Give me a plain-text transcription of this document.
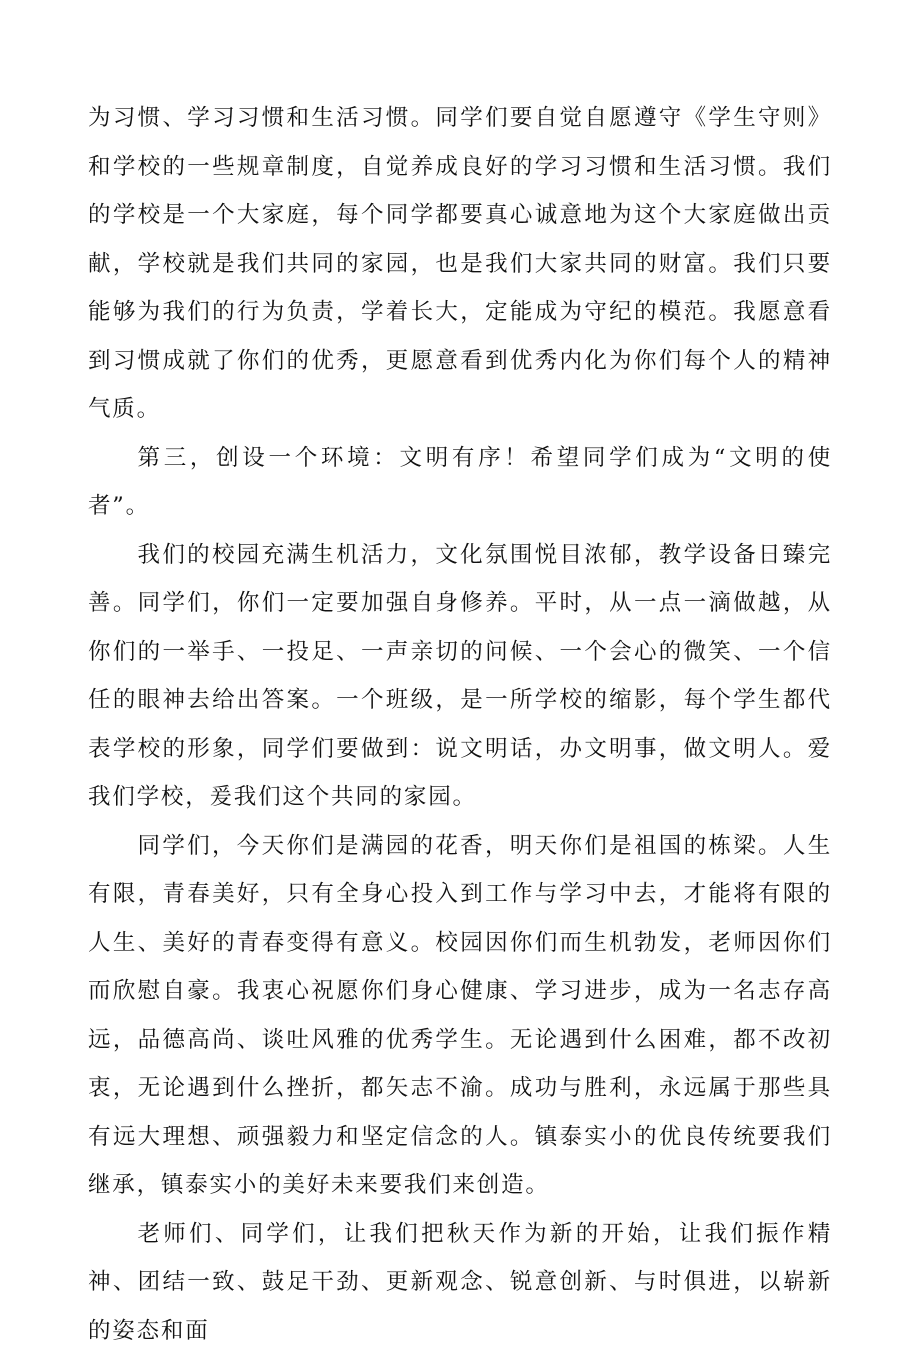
为习惯、学习习惯和生活习惯。同学们要自觉自愿遵守《学生守则》和学校的一些规章制度，自觉养成良好的学习习惯和生活习惯。我们的学校是一个大家庭，每个同学都要真心诚意地为这个大家庭做出贡献，学校就是我们共同的家园，也是我们大家共同的财富。我们只要能够为我们的行为负责，学着长大，定能成为守纪的模范。我愿意看到习惯成就了你们的优秀，更愿意看到优秀内化为你们每个人的精神气质。

第三，创设一个环境：文明有序！希望同学们成为“文明的使者”。

我们的校园充满生机活力，文化氛围悦目浓郁，教学设备日臻完善。同学们，你们一定要加强自身修养。平时，从一点一滴做越，从你们的一举手、一投足、一声亲切的问候、一个会心的微笑、一个信任的眼神去给出答案。一个班级，是一所学校的缩影，每个学生都代表学校的形象，同学们要做到：说文明话，办文明事，做文明人。爱我们学校，爰我们这个共同的家园。

同学们，今天你们是满园的花香，明天你们是祖国的栋梁。人生有限，青春美好，只有全身心投入到工作与学习中去，才能将有限的人生、美好的青春变得有意义。校园因你们而生机勃发，老师因你们而欣慰自豪。我衷心祝愿你们身心健康、学习进步，成为一名志存高远，品德高尚、谈吐风雅的优秀学生。无论遇到什么困难，都不改初衷，无论遇到什么挫折，都矢志不渝。成功与胜利，永远属于那些具有远大理想、顽强毅力和坚定信念的人。镇泰实小的优良传统要我们继承，镇泰实小的美好未来要我们来创造。

老师们、同学们，让我们把秋天作为新的开始，让我们振作精神、团结一致、鼓足干劲、更新观念、锐意创新、与时俱进，以崭新的姿态和面
